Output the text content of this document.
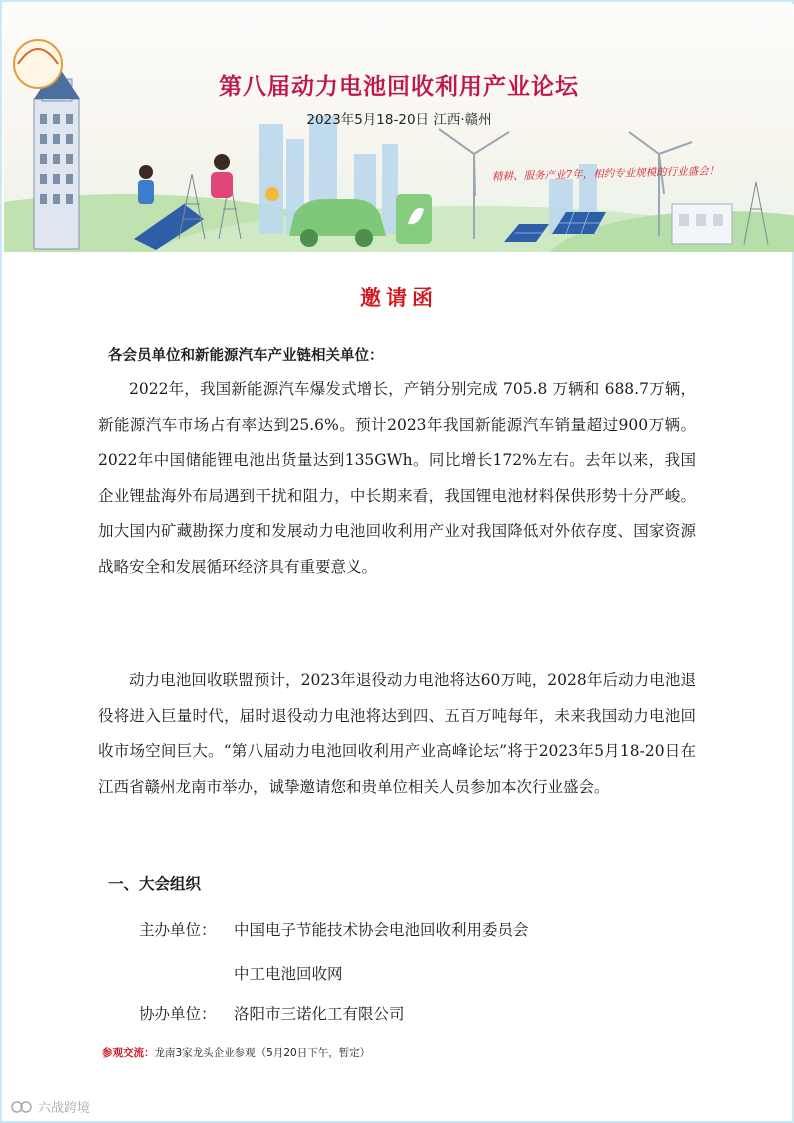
第八届动力电池回收利用产业论坛
2023年5月18-20日 江西·赣州
精耕、服务产业7年，相约专业规模的行业盛会！
邀请函
各会员单位和新能源汽车产业链相关单位：

2022年，我国新能源汽车爆发式增长，产销分别完成 705.8 万辆和 688.7万辆，新能源汽车市场占有率达到25.6%。预计2023年我国新能源汽车销量超过900万辆。2022年中国储能锂电池出货量达到135GWh。同比增长172%左右。去年以来，我国企业锂盐海外布局遇到干扰和阻力，中长期来看，我国锂电池材料保供形势十分严峻。加大国内矿藏勘探力度和发展动力电池回收利用产业对我国降低对外依存度、国家资源战略安全和发展循环经济具有重要意义。

动力电池回收联盟预计，2023年退役动力电池将达60万吨，2028年后动力电池退役将进入巨量时代，届时退役动力电池将达到四、五百万吨每年，未来我国动力电池回收市场空间巨大。“第八届动力电池回收利用产业高峰论坛”将于2023年5月18-20日在江西省赣州龙南市举办，诚挚邀请您和贵单位相关人员参加本次行业盛会。

一、大会组织
主办单位： 中国电子节能技术协会电池回收利用委员会
中工电池回收网
协办单位： 洛阳市三诺化工有限公司
参观交流：龙南3家龙头企业参观（5月20日下午，暂定）
六战跨境
